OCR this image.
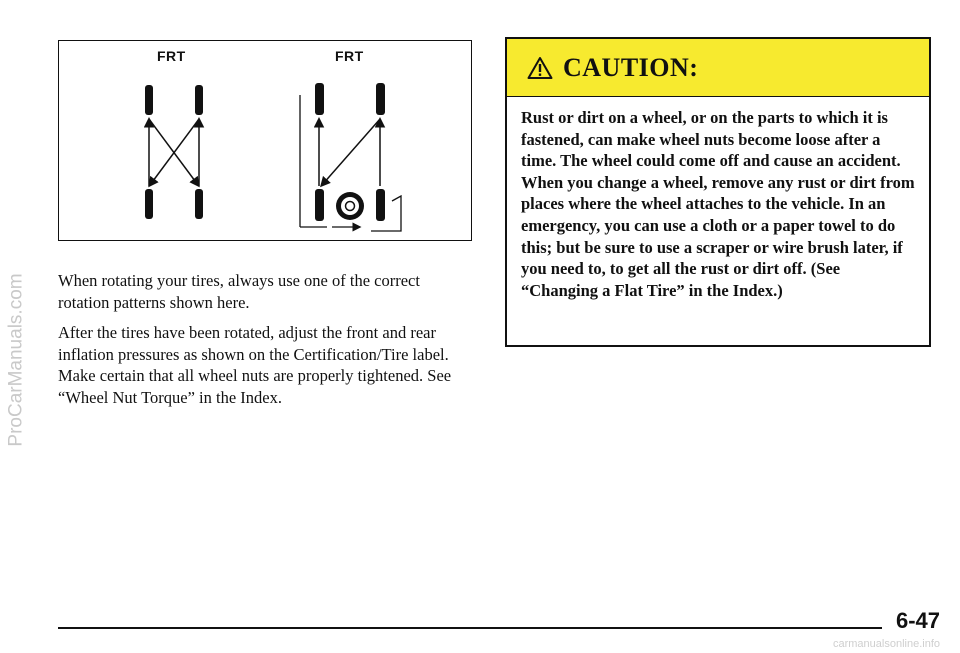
ProCarManuals.com
FRT	FRT

When rotating your tires, always use one of the correct rotation patterns shown here.

After the tires have been rotated, adjust the front and rear inflation pressures as shown on the Certification/Tire label. Make certain that all wheel nuts are properly tightened. See “Wheel Nut Torque” in the Index.

CAUTION:
Rust or dirt on a wheel, or on the parts to which it is fastened, can make wheel nuts become loose after a time. The wheel could come off and cause an accident. When you change a wheel, remove any rust or dirt from places where the wheel attaches to the vehicle. In an emergency, you can use a cloth or a paper towel to do this; but be sure to use a scraper or wire brush later, if you need to, to get all the rust or dirt off. (See “Changing a Flat Tire” in the Index.)
6-47
carmanualsonline.info
